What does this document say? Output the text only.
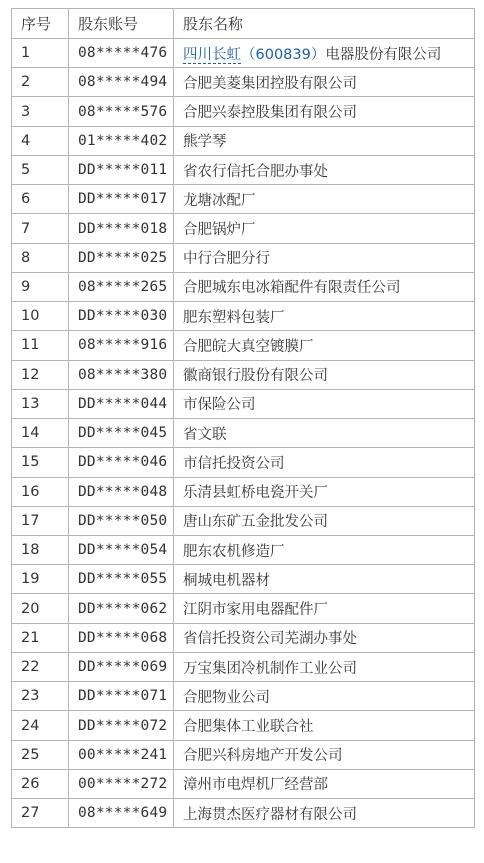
序号	股东账号	股东名称
1	08*****476	四川长虹（600839）电器股份有限公司
2	08*****494	合肥美菱集团控股有限公司
3	08*****576	合肥兴泰控股集团有限公司
4	01*****402	熊学琴
5	DD*****011	省农行信托合肥办事处
6	DD*****017	龙塘冰配厂
7	DD*****018	合肥锅炉厂
8	DD*****025	中行合肥分行
9	08*****265	合肥城东电冰箱配件有限责任公司
10	DD*****030	肥东塑料包装厂
11	08*****916	合肥皖大真空镀膜厂
12	08*****380	徽商银行股份有限公司
13	DD*****044	市保险公司
14	DD*****045	省文联
15	DD*****046	市信托投资公司
16	DD*****048	乐清县虹桥电瓷开关厂
17	DD*****050	唐山东矿五金批发公司
18	DD*****054	肥东农机修造厂
19	DD*****055	桐城电机器材
20	DD*****062	江阴市家用电器配件厂
21	DD*****068	省信托投资公司芜湖办事处
22	DD*****069	万宝集团冷机制作工业公司
23	DD*****071	合肥物业公司
24	DD*****072	合肥集体工业联合社
25	00*****241	合肥兴科房地产开发公司
26	00*****272	漳州市电焊机厂经营部
27	08*****649	上海贯杰医疗器材有限公司
